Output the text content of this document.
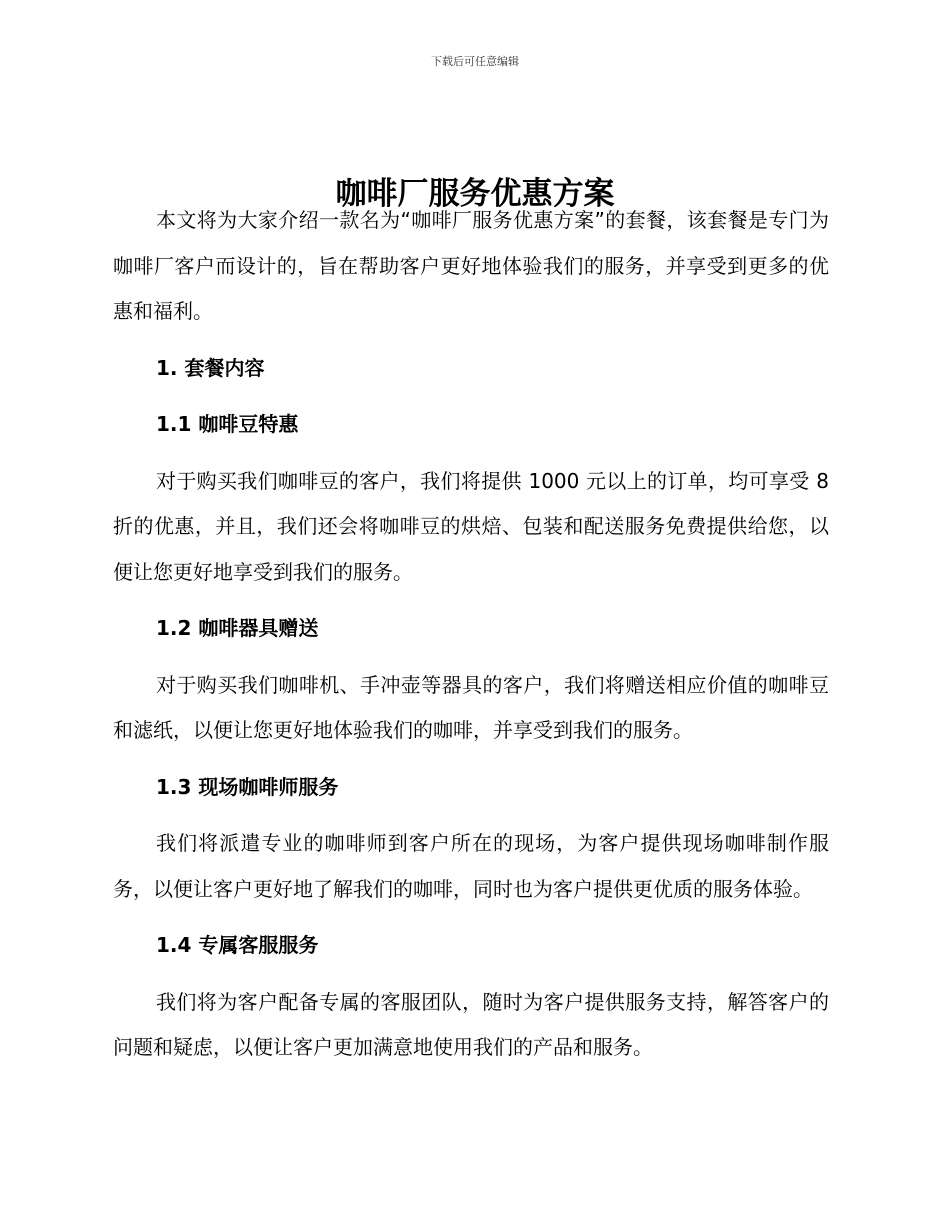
下载后可任意编辑
咖啡厂服务优惠方案

本文将为大家介绍一款名为“咖啡厂服务优惠方案”的套餐，该套餐是专门为咖啡厂客户而设计的，旨在帮助客户更好地体验我们的服务，并享受到更多的优惠和福利。

1. 套餐内容

1.1 咖啡豆特惠

对于购买我们咖啡豆的客户，我们将提供 1000 元以上的订单，均可享受 8 折的优惠，并且，我们还会将咖啡豆的烘焙、包装和配送服务免费提供给您，以便让您更好地享受到我们的服务。

1.2 咖啡器具赠送

对于购买我们咖啡机、手冲壶等器具的客户，我们将赠送相应价值的咖啡豆和滤纸，以便让您更好地体验我们的咖啡，并享受到我们的服务。

1.3 现场咖啡师服务

我们将派遣专业的咖啡师到客户所在的现场，为客户提供现场咖啡制作服务，以便让客户更好地了解我们的咖啡，同时也为客户提供更优质的服务体验。

1.4 专属客服服务

我们将为客户配备专属的客服团队，随时为客户提供服务支持，解答客户的问题和疑虑，以便让客户更加满意地使用我们的产品和服务。
